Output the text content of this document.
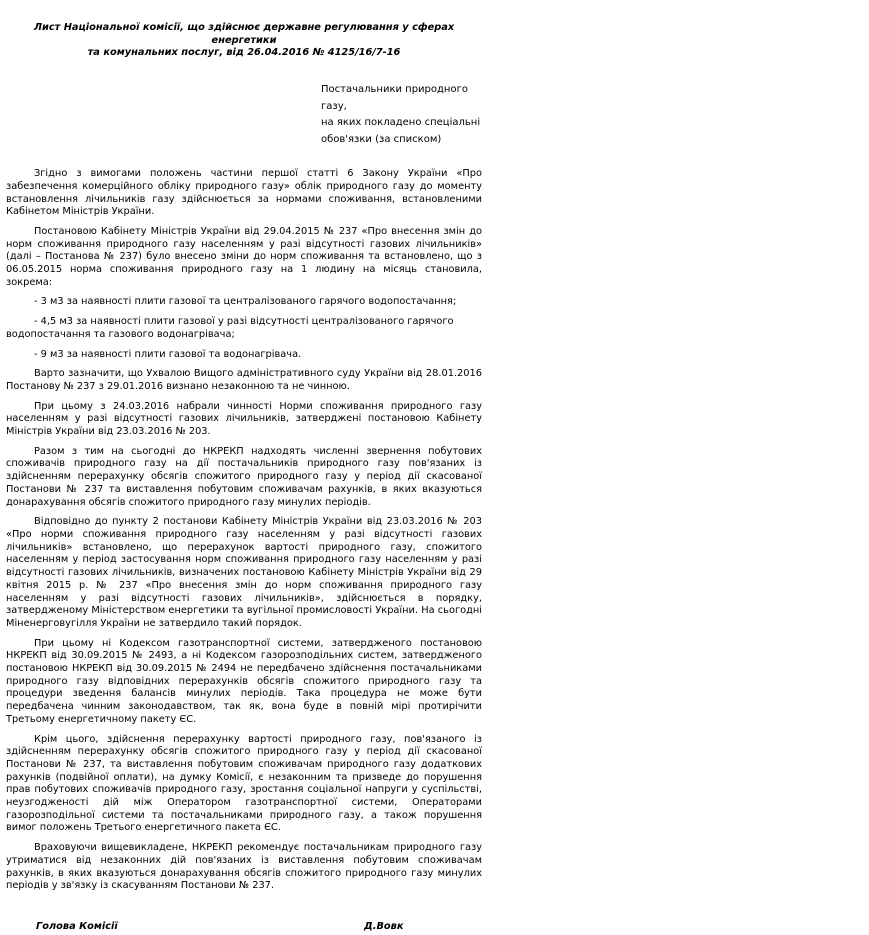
Лист Національної комісії, що здійснює державне регулювання у сферах енергетики
та комунальних послуг, від 26.04.2016 № 4125/16/7-16
Постачальники природного газу,
на яких покладено спеціальні
обов'язки (за списком)
Згідно з вимогами положень частини першої статті 6 Закону України «Про забезпечення комерційного обліку природного газу» облік природного газу до моменту встановлення лічильників газу здійснюється за нормами споживання, встановленими Кабінетом Міністрів України.
Постановою Кабінету Міністрів України від 29.04.2015 № 237 «Про внесення змін до норм споживання природного газу населенням у разі відсутності газових лічильників» (далі – Постанова № 237) було внесено зміни до норм споживання та встановлено, що з 06.05.2015 норма споживання природного газу на 1 людину на місяць становила, зокрема:
- 3 м3 за наявності плити газової та централізованого гарячого водопостачання;
- 4,5 м3 за наявності плити газової у разі відсутності централізованого гарячого водопостачання та газового водонагрівача;
- 9 м3 за наявності плити газової та водонагрівача.
Варто зазначити, що Ухвалою Вищого адміністративного суду України від 28.01.2016 Постанову № 237 з 29.01.2016 визнано незаконною та не чинною.
При цьому з 24.03.2016 набрали чинності Норми споживання природного газу населенням у разі відсутності газових лічильників, затверджені постановою Кабінету Міністрів України від 23.03.2016 № 203.
Разом з тим на сьогодні до НКРЕКП надходять численні звернення побутових споживачів природного газу на дії постачальників природного газу пов'язаних із здійсненням перерахунку обсягів спожитого природного газу у період дії скасованої Постанови № 237 та виставлення побутовим споживачам рахунків, в яких вказуються донарахування обсягів спожитого природного газу минулих періодів.
Відповідно до пункту 2 постанови Кабінету Міністрів України від 23.03.2016 № 203 «Про норми споживання природного газу населенням у разі відсутності газових лічильників» встановлено, що перерахунок вартості природного газу, спожитого населенням у період застосування норм споживання природного газу населенням у разі відсутності газових лічильників, визначених постановою Кабінету Міністрів України від 29 квітня 2015 р. № 237 «Про внесення змін до норм споживання природного газу населенням у разі відсутності газових лічильників», здійснюється в порядку, затвердженому Міністерством енергетики та вугільної промисловості України. На сьогодні Міненерговугілля України не затвердило такий порядок.
При цьому ні Кодексом газотранспортної системи, затвердженого постановою НКРЕКП від 30.09.2015 № 2493, а ні Кодексом газорозподільних систем, затвердженого постановою НКРЕКП від 30.09.2015 № 2494 не передбачено здійснення постачальниками природного газу відповідних перерахунків обсягів спожитого природного газу та процедури зведення балансів минулих періодів. Така процедура не може бути передбачена чинним законодавством, так як, вона буде в повній мірі протирічити Третьому енергетичному пакету ЄС.
Крім цього, здійснення перерахунку вартості природного газу, пов'язаного із здійсненням перерахунку обсягів спожитого природного газу у період дії скасованої Постанови № 237, та виставлення побутовим споживачам природного газу додаткових рахунків (подвійної оплати), на думку Комісії, є незаконним та призведе до порушення прав побутових споживачів природного газу, зростання соціальної напруги у суспільстві, неузгодженості дій між Оператором газотранспортної системи, Операторами газорозподільної системи та постачальниками природного газу, а також порушення вимог положень Третього енергетичного пакета ЄС.
Враховуючи вищевикладене, НКРЕКП рекомендує постачальникам природного газу утриматися від незаконних дій пов'язаних із виставлення побутовим споживачам рахунків, в яких вказуються донарахування обсягів спожитого природного газу минулих періодів у зв'язку із скасуванням Постанови № 237.
Голова Комісії	Д.Вовк
